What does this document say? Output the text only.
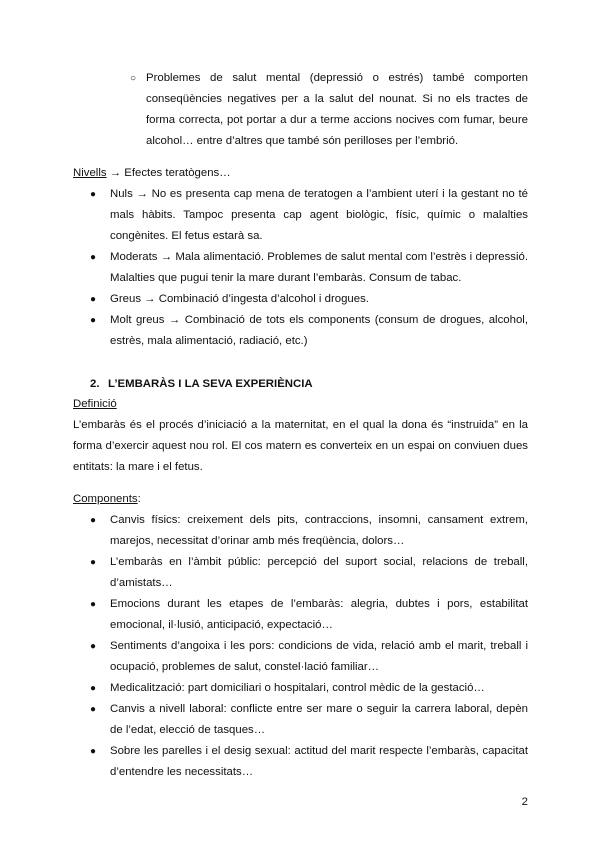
○ Problemes de salut mental (depressió o estrés) també comporten conseqüències negatives per a la salut del nounat. Si no els tractes de forma correcta, pot portar a dur a terme accions nocives com fumar, beure alcohol… entre d’altres que també són perilloses per l’embrió.
Nivells → Efectes teratògens…
● Nuls → No es presenta cap mena de teratogen a l’ambient uterí i la gestant no té mals hàbits. Tampoc presenta cap agent biològic, físic, químic o malalties congènites. El fetus estarà sa.
● Moderats → Mala alimentació. Problemes de salut mental com l’estrès i depressió. Malalties que pugui tenir la mare durant l’embaràs. Consum de tabac.
● Greus → Combinació d’ingesta d’alcohol i drogues.
● Molt greus → Combinació de tots els components (consum de drogues, alcohol, estrès, mala alimentació, radiació, etc.)
2. L’EMBARÀS I LA SEVA EXPERIÈNCIA
Definició
L’embaràs és el procés d’iniciació a la maternitat, en el qual la dona és “instruida” en la forma d’exercir aquest nou rol. El cos matern es converteix en un espai on conviuen dues entitats: la mare i el fetus.
Components:
● Canvis físics: creixement dels pits, contraccions, insomni, cansament extrem, marejos, necessitat d’orinar amb més freqüència, dolors…
● L’embaràs en l’àmbit públic: percepció del suport social, relacions de treball, d’amistats…
● Emocions durant les etapes de l’embaràs: alegria, dubtes i pors, estabilitat emocional, il·lusió, anticipació, expectació…
● Sentiments d’angoixa i les pors: condicions de vida, relació amb el marit, treball i ocupació, problemes de salut, constel·lació familiar…
● Medicalització: part domiciliari o hospitalari, control mèdic de la gestació…
● Canvis a nivell laboral: conflicte entre ser mare o seguir la carrera laboral, depèn de l’edat, elecció de tasques…
● Sobre les parelles i el desig sexual: actitud del marit respecte l’embaràs, capacitat d’entendre les necessitats…
2
